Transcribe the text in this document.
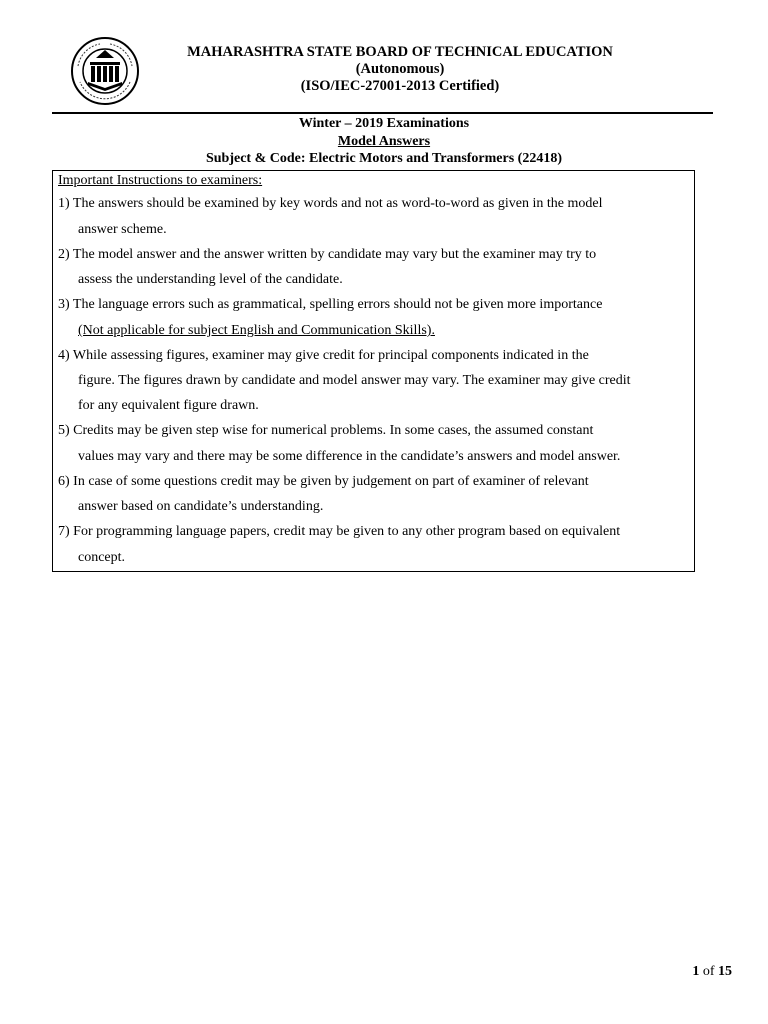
MAHARASHTRA STATE BOARD OF TECHNICAL EDUCATION

(Autonomous)

(ISO/IEC-27001-2013 Certified)

Winter – 2019 Examinations

Model Answers

Subject & Code: Electric Motors and Transformers (22418)

Important Instructions to examiners:

1) The answers should be examined by key words and not as word-to-word as given in the model

answer scheme.

2) The model answer and the answer written by candidate may vary but the examiner may try to

assess the understanding level of the candidate.

3) The language errors such as grammatical, spelling errors should not be given more importance

(Not applicable for subject English and Communication Skills).

4) While assessing figures, examiner may give credit for principal components indicated in the

figure. The figures drawn by candidate and model answer may vary. The examiner may give credit

for any equivalent figure drawn.

5) Credits may be given step wise for numerical problems. In some cases, the assumed constant

values may vary and there may be some difference in the candidate’s answers and model answer.

6) In case of some questions credit may be given by judgement on part of examiner of relevant

answer based on candidate’s understanding.

7) For programming language papers, credit may be given to any other program based on equivalent

concept.

1 of 15
